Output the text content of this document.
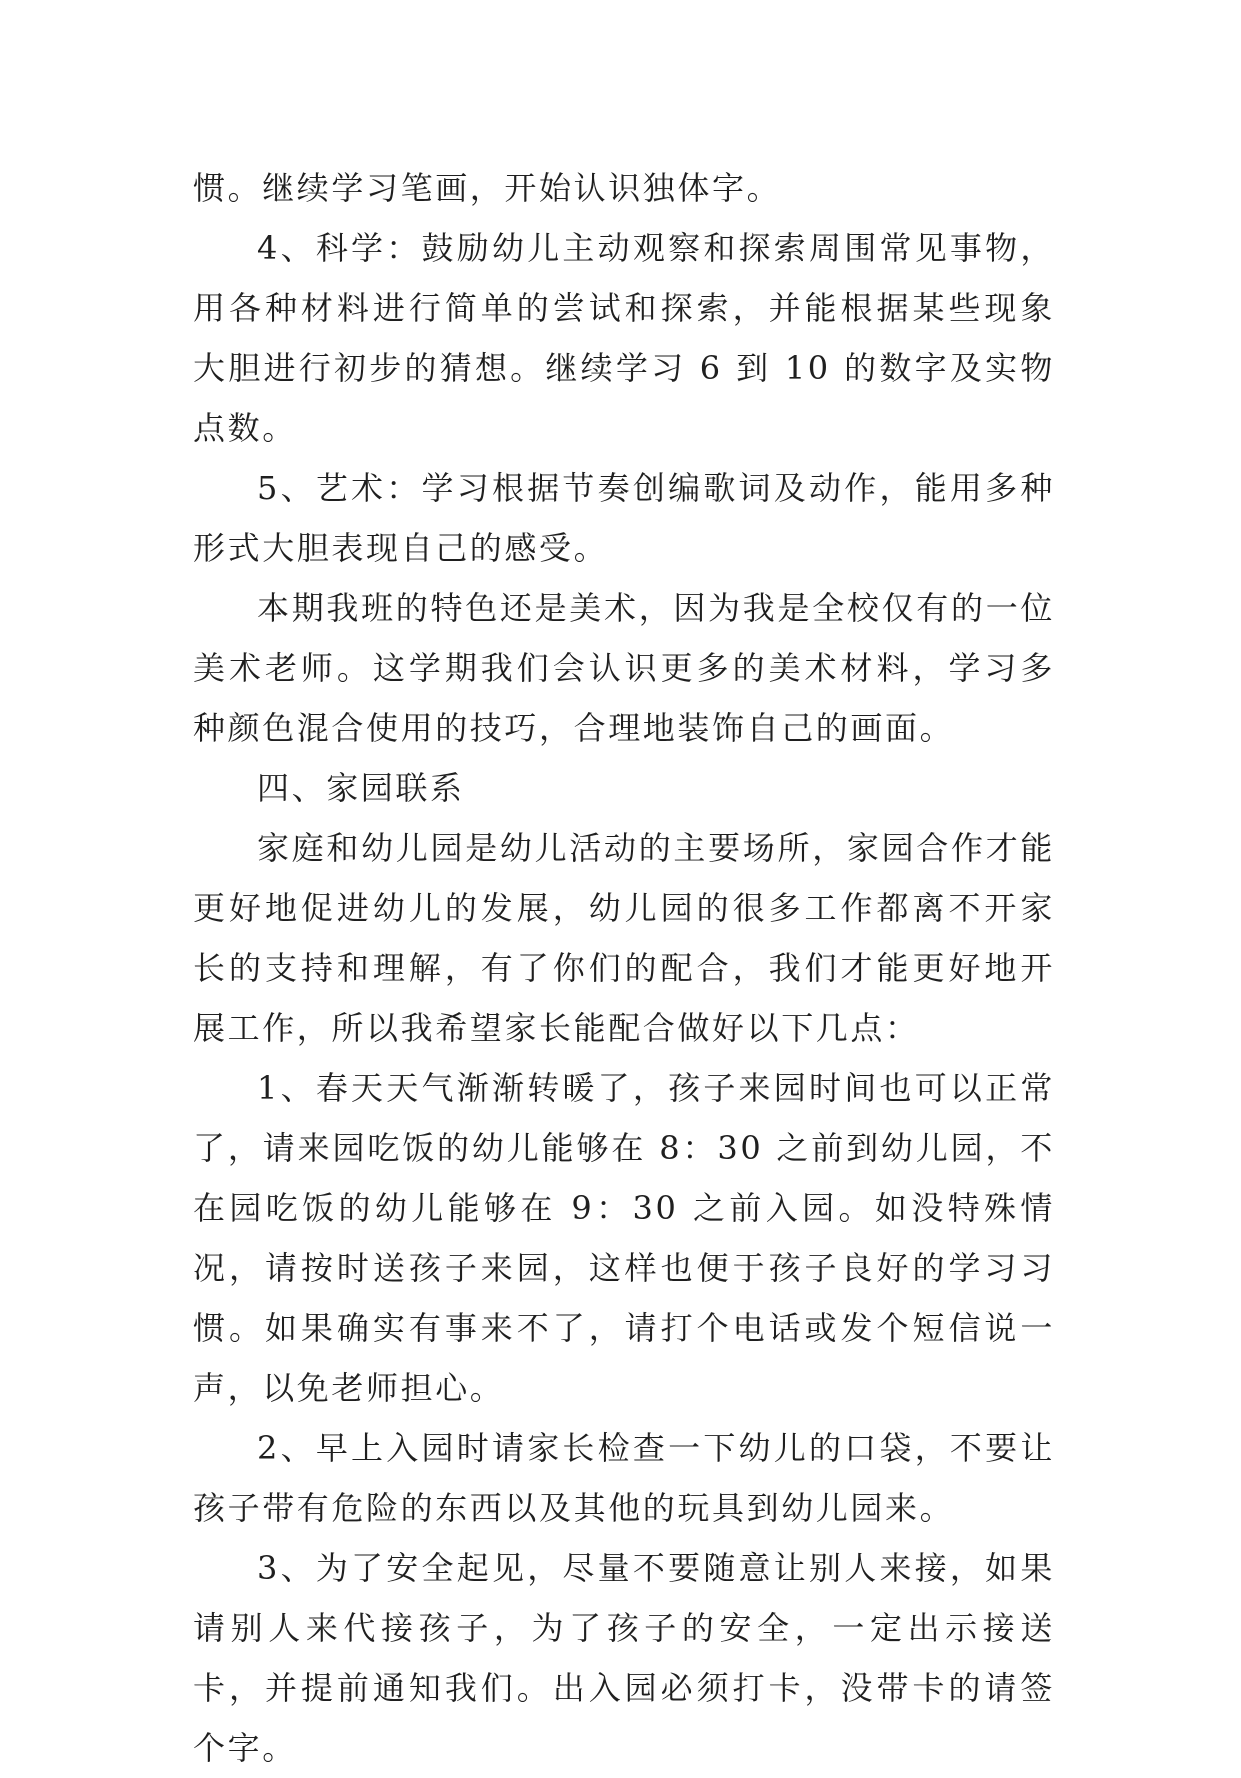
惯。继续学习笔画，开始认识独体字。

4、科学：鼓励幼儿主动观察和探索周围常见事物，用各种材料进行简单的尝试和探索，并能根据某些现象大胆进行初步的猜想。继续学习 6 到 10 的数字及实物点数。

5、艺术：学习根据节奏创编歌词及动作，能用多种形式大胆表现自己的感受。

本期我班的特色还是美术，因为我是全校仅有的一位美术老师。这学期我们会认识更多的美术材料，学习多种颜色混合使用的技巧，合理地装饰自己的画面。

四、家园联系

家庭和幼儿园是幼儿活动的主要场所，家园合作才能更好地促进幼儿的发展，幼儿园的很多工作都离不开家长的支持和理解，有了你们的配合，我们才能更好地开展工作，所以我希望家长能配合做好以下几点：

1、春天天气渐渐转暖了，孩子来园时间也可以正常了，请来园吃饭的幼儿能够在 8：30 之前到幼儿园，不在园吃饭的幼儿能够在 9：30 之前入园。如没特殊情况，请按时送孩子来园，这样也便于孩子良好的学习习惯。如果确实有事来不了，请打个电话或发个短信说一声，以免老师担心。

2、早上入园时请家长检查一下幼儿的口袋，不要让孩子带有危险的东西以及其他的玩具到幼儿园来。

3、为了安全起见，尽量不要随意让别人来接，如果请别人来代接孩子，为了孩子的安全，一定出示接送卡，并提前通知我们。出入园必须打卡，没带卡的请签个字。
